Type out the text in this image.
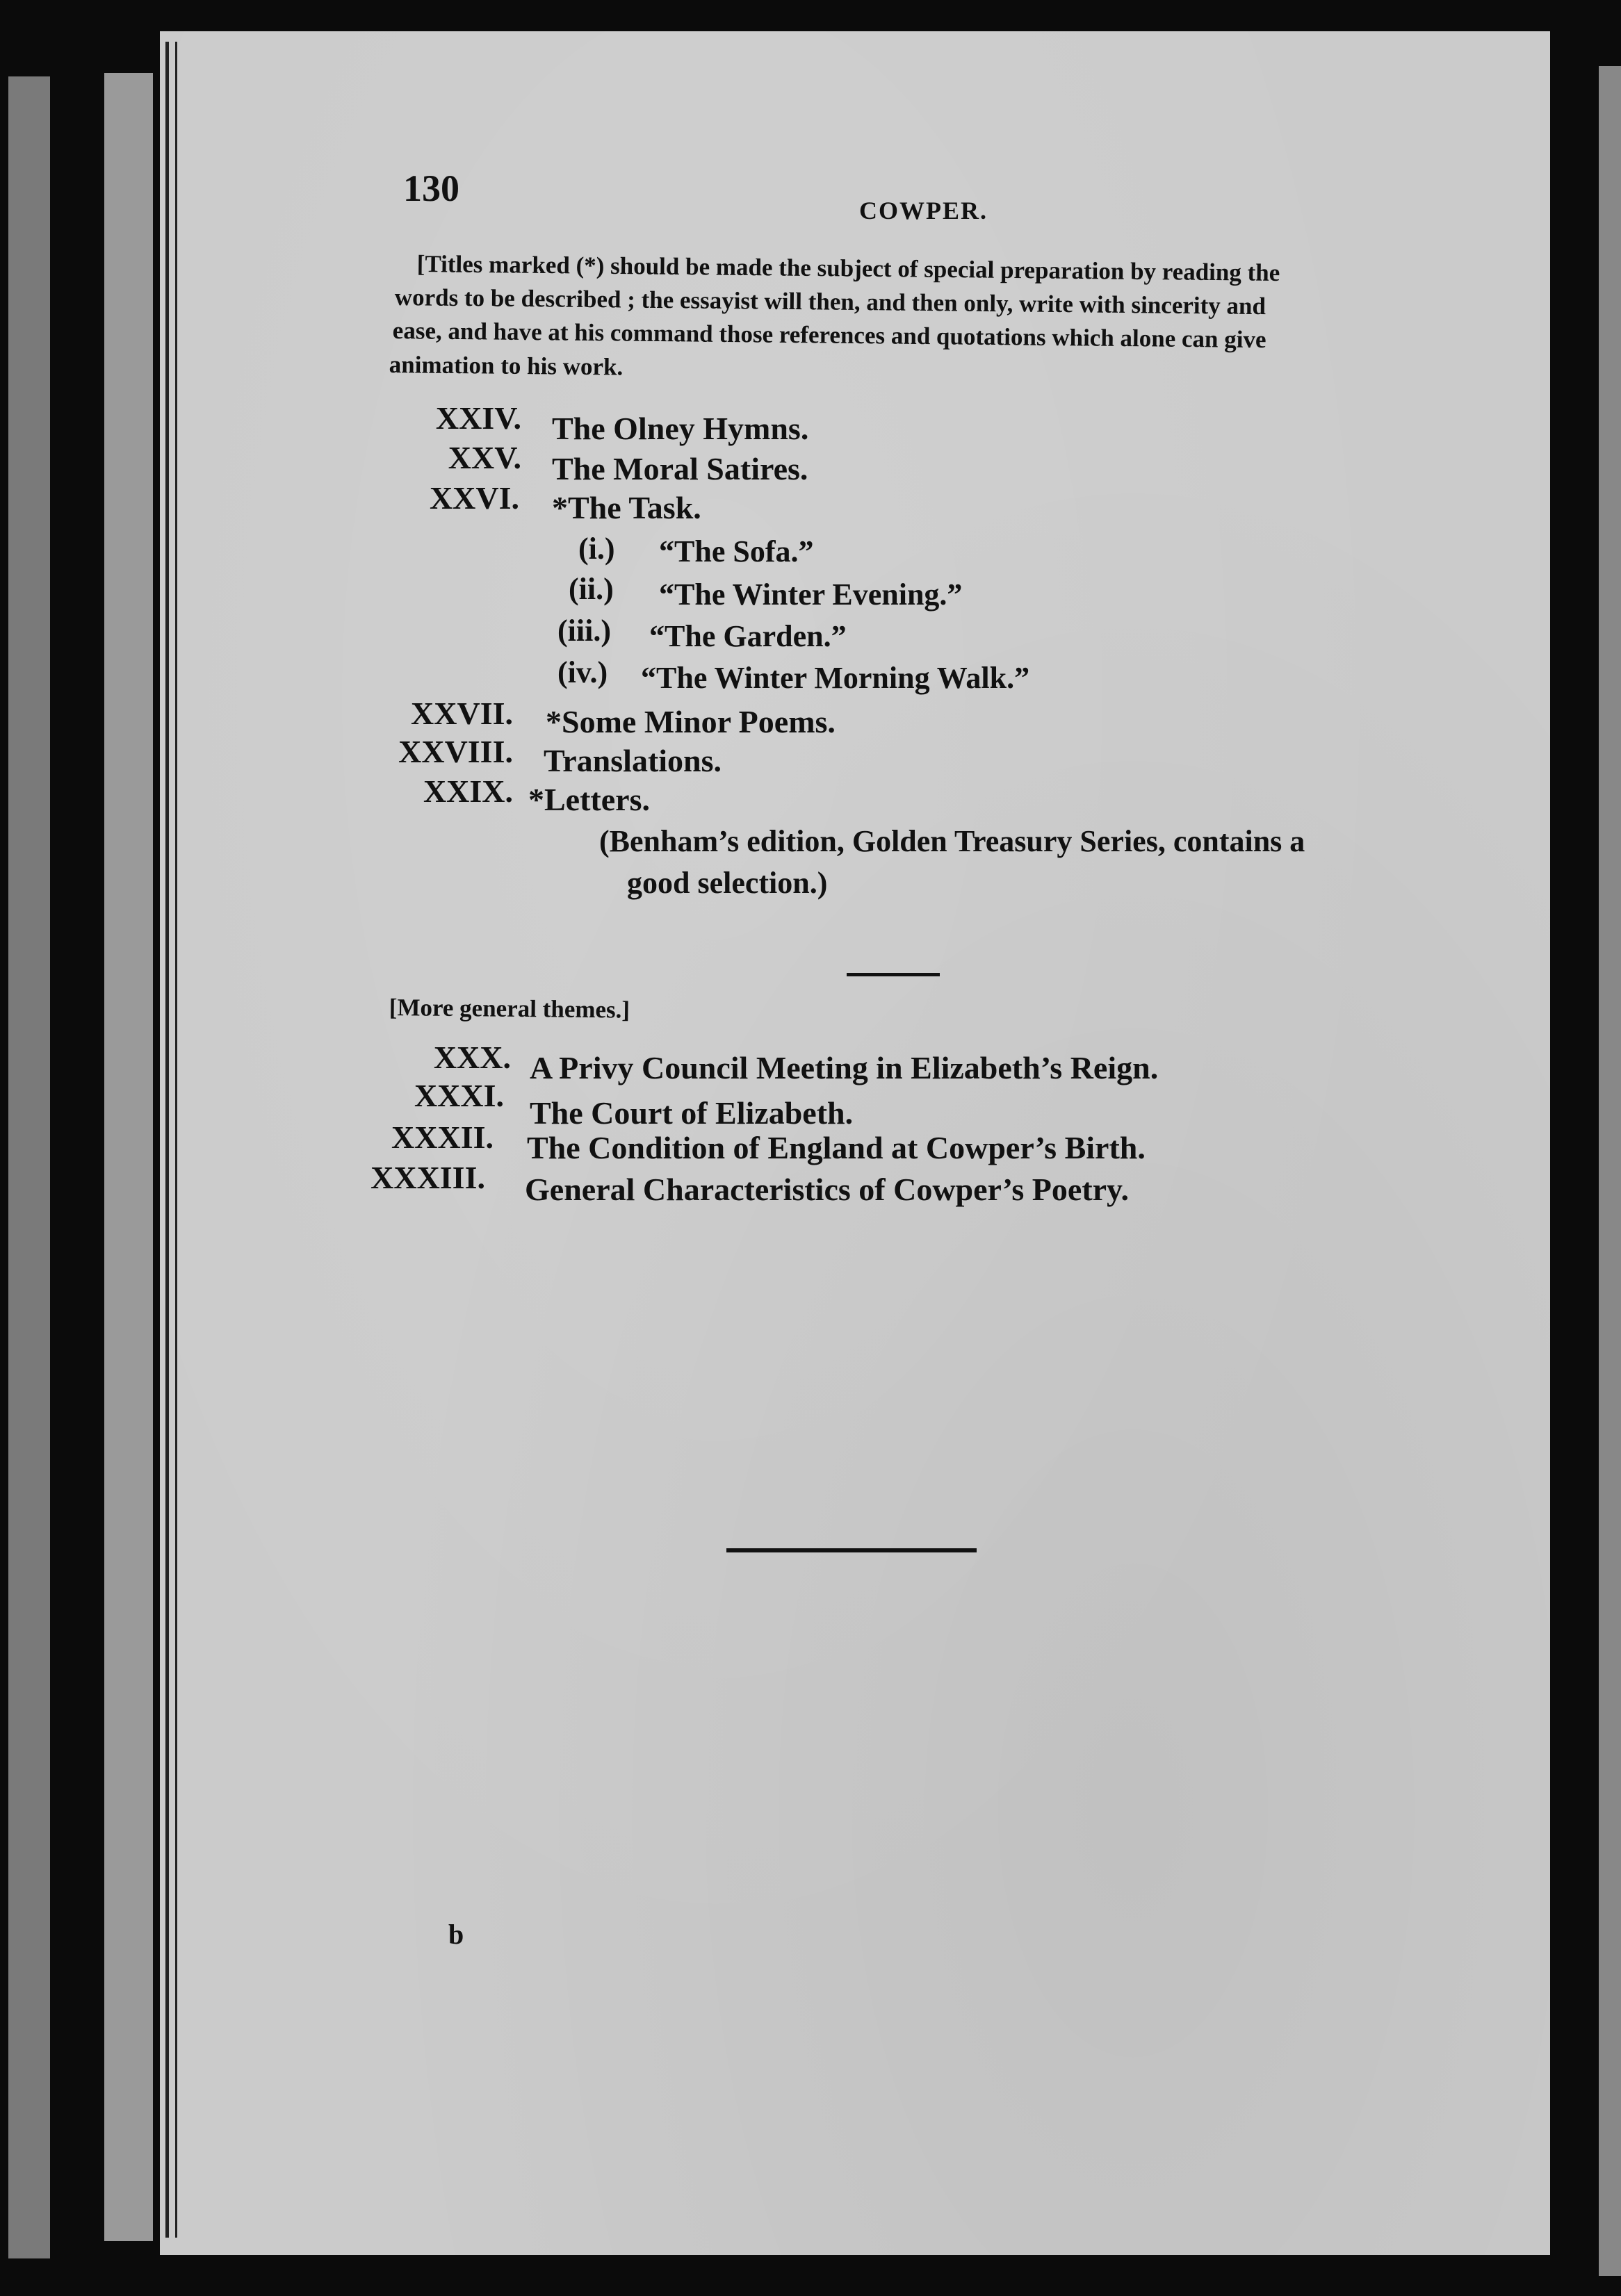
130
COWPER.
[Titles marked (*) should be made the subject of special preparation by reading the
words to be described ; the essayist will then, and then only, write with sincerity and
ease, and have at his command those references and quotations which alone can give
animation to his work.
XXIV. The Olney Hymns.
XXV. The Moral Satires.
XXVI. *The Task.
(i.) “The Sofa.”
(ii.) “The Winter Evening.”
(iii.) “The Garden.”
(iv.) “The Winter Morning Walk.”
XXVII. *Some Minor Poems.
XXVIII. Translations.
XXIX. *Letters.
(Benham’s edition, Golden Treasury Series, contains a
good selection.)
[More general themes.]
XXX. A Privy Council Meeting in Elizabeth’s Reign.
XXXI. The Court of Elizabeth.
XXXII. The Condition of England at Cowper’s Birth.
XXXIII. General Characteristics of Cowper’s Poetry.
b
